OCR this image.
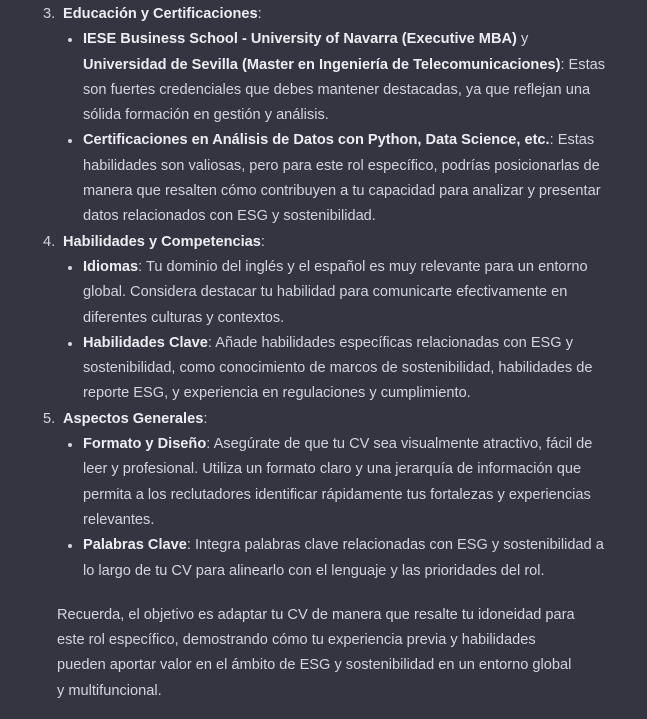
3. Educación y Certificaciones:
IESE Business School - University of Navarra (Executive MBA) y Universidad de Sevilla (Master en Ingeniería de Telecomunicaciones): Estas son fuertes credenciales que debes mantener destacadas, ya que reflejan una sólida formación en gestión y análisis.
Certificaciones en Análisis de Datos con Python, Data Science, etc.: Estas habilidades son valiosas, pero para este rol específico, podrías posicionarlas de manera que resalten cómo contribuyen a tu capacidad para analizar y presentar datos relacionados con ESG y sostenibilidad.
4. Habilidades y Competencias:
Idiomas: Tu dominio del inglés y el español es muy relevante para un entorno global. Considera destacar tu habilidad para comunicarte efectivamente en diferentes culturas y contextos.
Habilidades Clave: Añade habilidades específicas relacionadas con ESG y sostenibilidad, como conocimiento de marcos de sostenibilidad, habilidades de reporte ESG, y experiencia en regulaciones y cumplimiento.
5. Aspectos Generales:
Formato y Diseño: Asegúrate de que tu CV sea visualmente atractivo, fácil de leer y profesional. Utiliza un formato claro y una jerarquía de información que permita a los reclutadores identificar rápidamente tus fortalezas y experiencias relevantes.
Palabras Clave: Integra palabras clave relacionadas con ESG y sostenibilidad a lo largo de tu CV para alinearlo con el lenguaje y las prioridades del rol.

Recuerda, el objetivo es adaptar tu CV de manera que resalte tu idoneidad para este rol específico, demostrando cómo tu experiencia previa y habilidades pueden aportar valor en el ámbito de ESG y sostenibilidad en un entorno global y multifuncional.
